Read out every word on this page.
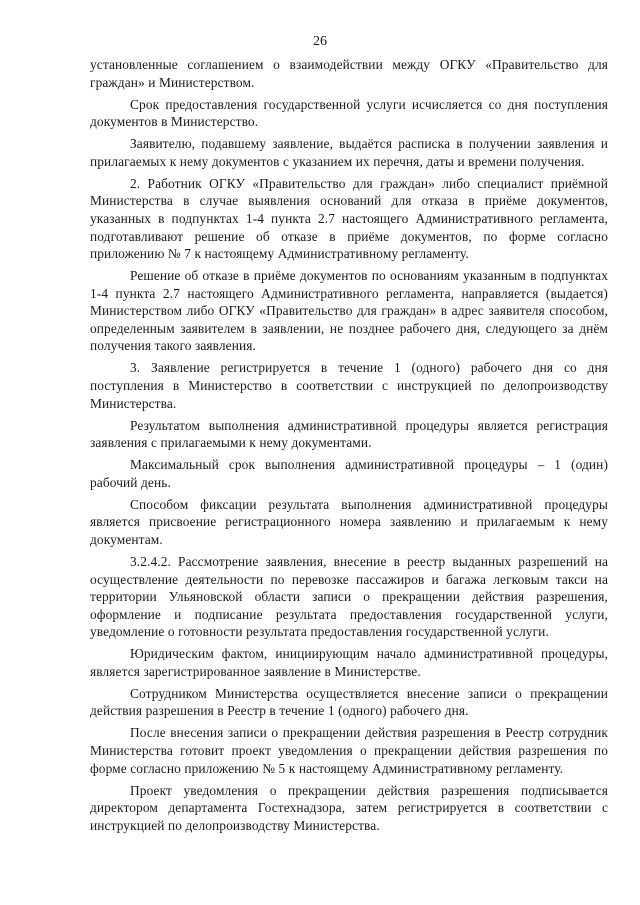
26

установленные соглашением о взаимодействии между ОГКУ «Правительство для граждан» и Министерством.

Срок предоставления государственной услуги исчисляется со дня поступления документов в Министерство.

Заявителю, подавшему заявление, выдаётся расписка в получении заявления и прилагаемых к нему документов с указанием их перечня, даты и времени получения.

2. Работник ОГКУ «Правительство для граждан» либо специалист приёмной Министерства в случае выявления оснований для отказа в приёме документов, указанных в подпунктах 1-4 пункта 2.7 настоящего Административного регламента, подготавливают решение об отказе в приёме документов, по форме согласно приложению № 7 к настоящему Административному регламенту.

Решение об отказе в приёме документов по основаниям указанным в подпунктах 1-4 пункта 2.7 настоящего Административного регламента, направляется (выдается) Министерством либо ОГКУ «Правительство для граждан» в адрес заявителя способом, определенным заявителем в заявлении, не позднее рабочего дня, следующего за днём получения такого заявления.

3. Заявление регистрируется в течение 1 (одного) рабочего дня со дня поступления в Министерство в соответствии с инструкцией по делопроизводству Министерства.

Результатом выполнения административной процедуры является регистрация заявления с прилагаемыми к нему документами.

Максимальный срок выполнения административной процедуры – 1 (один) рабочий день.

Способом фиксации результата выполнения административной процедуры является присвоение регистрационного номера заявлению и прилагаемым к нему документам.

3.2.4.2. Рассмотрение заявления, внесение в реестр выданных разрешений на осуществление деятельности по перевозке пассажиров и багажа легковым такси на территории Ульяновской области записи о прекращении действия разрешения, оформление и подписание результата предоставления государственной услуги, уведомление о готовности результата предоставления государственной услуги.

Юридическим фактом, инициирующим начало административной процедуры, является зарегистрированное заявление в Министерстве.

Сотрудником Министерства осуществляется внесение записи о прекращении действия разрешения в Реестр в течение 1 (одного) рабочего дня.

После внесения записи о прекращении действия разрешения в Реестр сотрудник Министерства готовит проект уведомления о прекращении действия разрешения по форме согласно приложению № 5 к настоящему Административному регламенту.

Проект уведомления о прекращении действия разрешения подписывается директором департамента Гостехнадзора, затем регистрируется в соответствии с инструкцией по делопроизводству Министерства.
